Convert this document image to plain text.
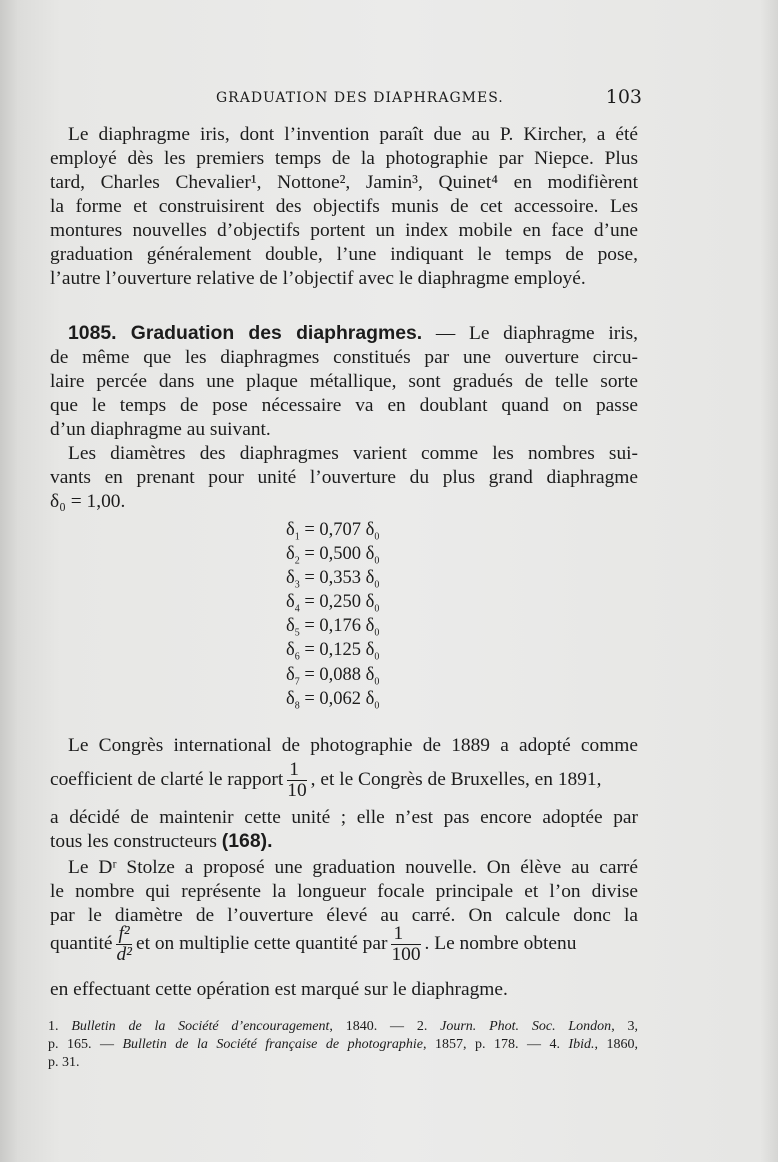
GRADUATION DES DIAPHRAGMES.	103
Le diaphragme iris, dont l’invention paraît due au P. Kircher, a été
employé dès les premiers temps de la photographie par Niepce. Plus
tard, Charles Chevalier¹, Nottone², Jamin³, Quinet⁴ en modifièrent
la forme et construisirent des objectifs munis de cet accessoire. Les
montures nouvelles d’objectifs portent un index mobile en face d’une
graduation généralement double, l’une indiquant le temps de pose,
l’autre l’ouverture relative de l’objectif avec le diaphragme employé.
1085. Graduation des diaphragmes. — Le diaphragme iris,
de même que les diaphragmes constitués par une ouverture circu-
laire percée dans une plaque métallique, sont gradués de telle sorte
que le temps de pose nécessaire va en doublant quand on passe
d’un diaphragme au suivant.
Les diamètres des diaphragmes varient comme les nombres sui-
vants en prenant pour unité l’ouverture du plus grand diaphragme
δ₀ = 1,00.
$\delta_1 = 0,707$ $\delta_0$
$\delta_2 = 0,500$ $\delta_0$
$\delta_3 = 0,353$ $\delta_0$
$\delta_4 = 0,250$ $\delta_0$
$\delta_5 = 0,176$ $\delta_0$
$\delta_6 = 0,125$ $\delta_0$
$\delta_7 = 0,088$ $\delta_0$
$\delta_8 = 0,062$ $\delta_0$
Le Congrès international de photographie de 1889 a adopté comme
coefficient de clarté le rapport $\frac{1}{10}$ , et le Congrès de Bruxelles, en 1891,
a décidé de maintenir cette unité ; elle n’est pas encore adoptée par
tous les constructeurs (168).
Le Dʳ Stolze a proposé une graduation nouvelle. On élève au carré
le nombre qui représente la longueur focale principale et l’on divise
par le diamètre de l’ouverture élevé au carré. On calcule donc la
quantité $\frac{\text{f²}}{\text{d²}}$ et on multiplie cette quantité par $\frac{1}{100}$ . Le nombre obtenu
en effectuant cette opération est marqué sur le diaphragme.
1. Bulletin de la Société d’encouragement, 1840. — 2. Journ. Phot. Soc. London, 3,
p. 165. — Bulletin de la Société française de photographie, 1857, p. 178. — 4. Ibid., 1860,
p. 31.
